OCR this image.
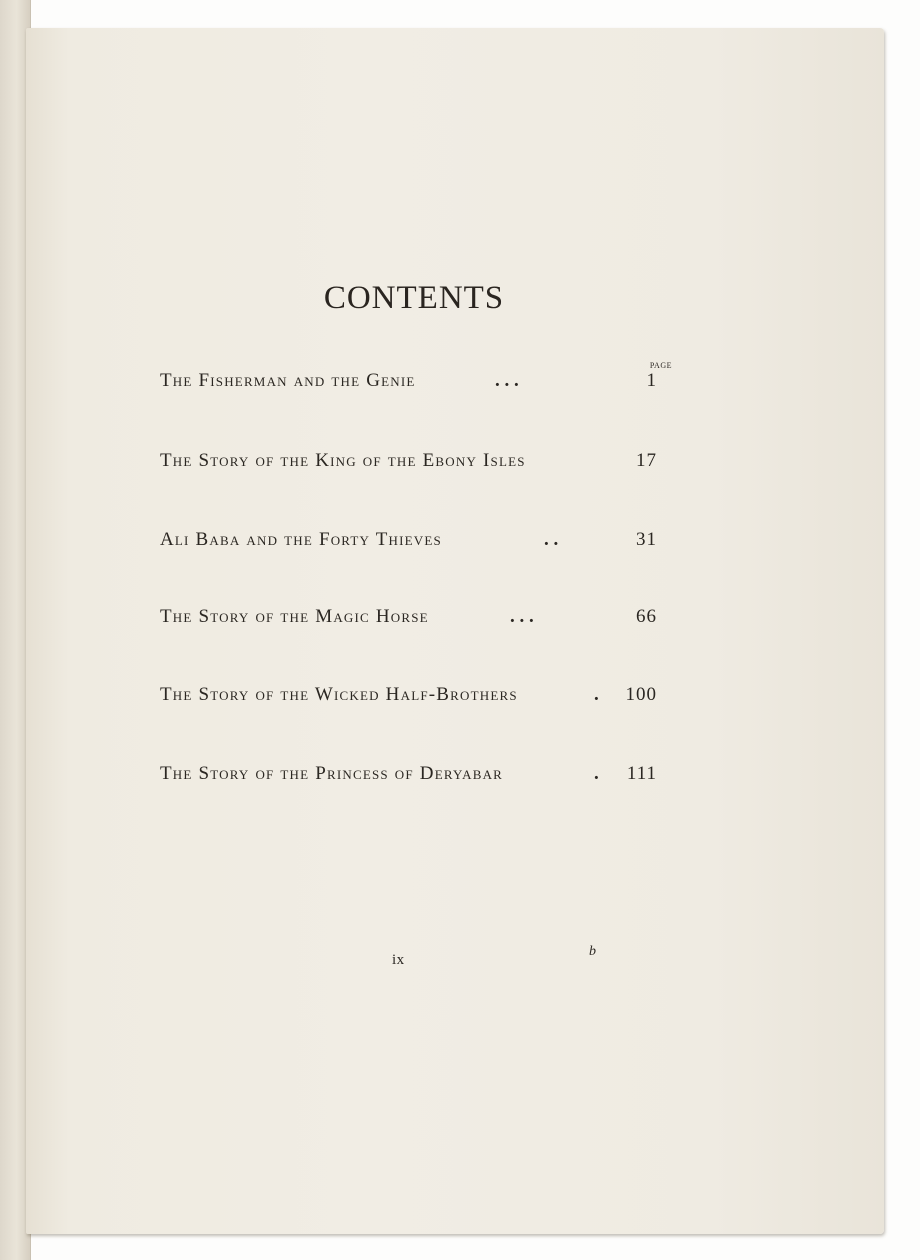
CONTENTS
PAGE
The Fisherman and the Genie	. . .	1
The Story of the King of the Ebony Isles	17
Ali Baba and the Forty Thieves	. .	31
The Story of the Magic Horse	. . .	66
The Story of the Wicked Half-Brothers	. 100
The Story of the Princess of Deryabar	. 111
ix
b
